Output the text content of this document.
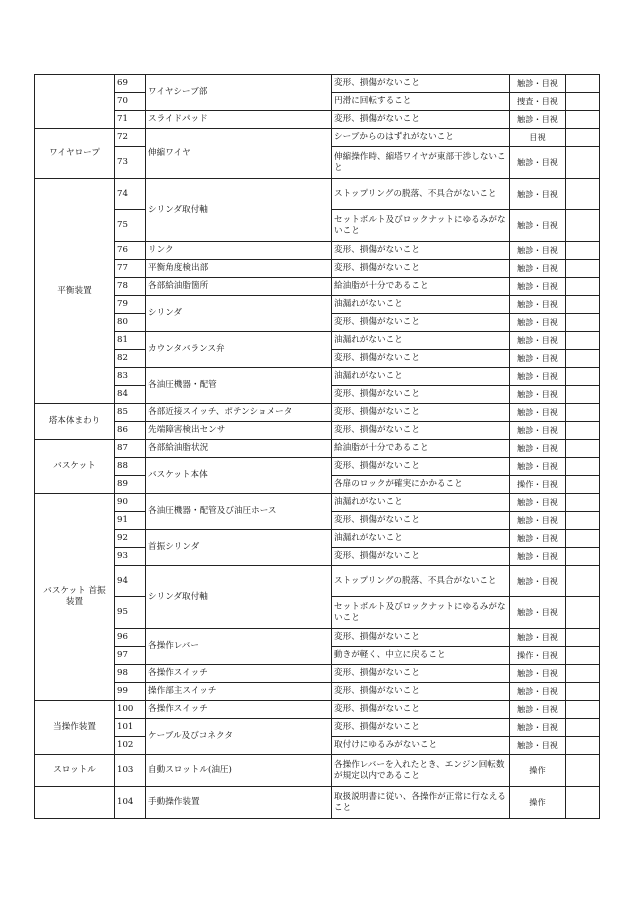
	69	ワイヤシーブ部	変形、損傷がないこと	触診・目視	
	70		円滑に回転すること	捜査・目視	
	71	スライドパッド	変形、損傷がないこと	触診・目視	
ワイヤロープ	72	伸縮ワイヤ	シーブからのはずれがないこと	目視	
	73		伸縮操作時、縮塔ワイヤが東部干渉しないこと	触診・目視	
平衡装置	74	シリンダ取付軸	ストップリングの脱落、不具合がないこと	触診・目視	
	75		セットボルト及びロックナットにゆるみがないこと	触診・目視	
	76	リンク	変形、損傷がないこと	触診・目視	
	77	平衡角度検出部	変形、損傷がないこと	触診・目視	
	78	各部給油脂箇所	給油脂が十分であること	触診・目視	
	79	シリンダ	油漏れがないこと	触診・目視	
	80		変形、損傷がないこと	触診・目視	
	81	カウンタバランス弁	油漏れがないこと	触診・目視	
	82		変形、損傷がないこと	触診・目視	
	83	各油圧機器・配管	油漏れがないこと	触診・目視	
	84		変形、損傷がないこと	触診・目視	
塔本体まわり	85	各部近接スイッチ、ポテンショメータ	変形、損傷がないこと	触診・目視	
	86	先端障害検出センサ	変形、損傷がないこと	触診・目視	
バスケット	87	各部給油脂状況	給油脂が十分であること	触診・目視	
	88	バスケット本体	変形、損傷がないこと	触診・目視	
	89		各扉のロックが確実にかかること	操作・目視	
バスケット 首振装置	90	各油圧機器・配管及び油圧ホース	油漏れがないこと	触診・目視	
	91		変形、損傷がないこと	触診・目視	
	92	首振シリンダ	油漏れがないこと	触診・目視	
	93		変形、損傷がないこと	触診・目視	
	94	シリンダ取付軸	ストップリングの脱落、不具合がないこと	触診・目視	
	95		セットボルト及びロックナットにゆるみがないこと	触診・目視	
	96	各操作レバー	変形、損傷がないこと	触診・目視	
	97		動きが軽く、中立に戻ること	操作・目視	
	98	各操作スイッチ	変形、損傷がないこと	触診・目視	
	99	操作部主スイッチ	変形、損傷がないこと	触診・目視	
当操作装置	100	各操作スイッチ	変形、損傷がないこと	触診・目視	
	101	ケーブル及びコネクタ	変形、損傷がないこと	触診・目視	
	102		取付けにゆるみがないこと	触診・目視	
スロットル	103	自動スロットル(油圧)	各操作レバーを入れたとき、エンジン回転数が規定以内であること	操作	
	104	手動操作装置	取扱説明書に従い、各操作が正常に行なえること	操作	
